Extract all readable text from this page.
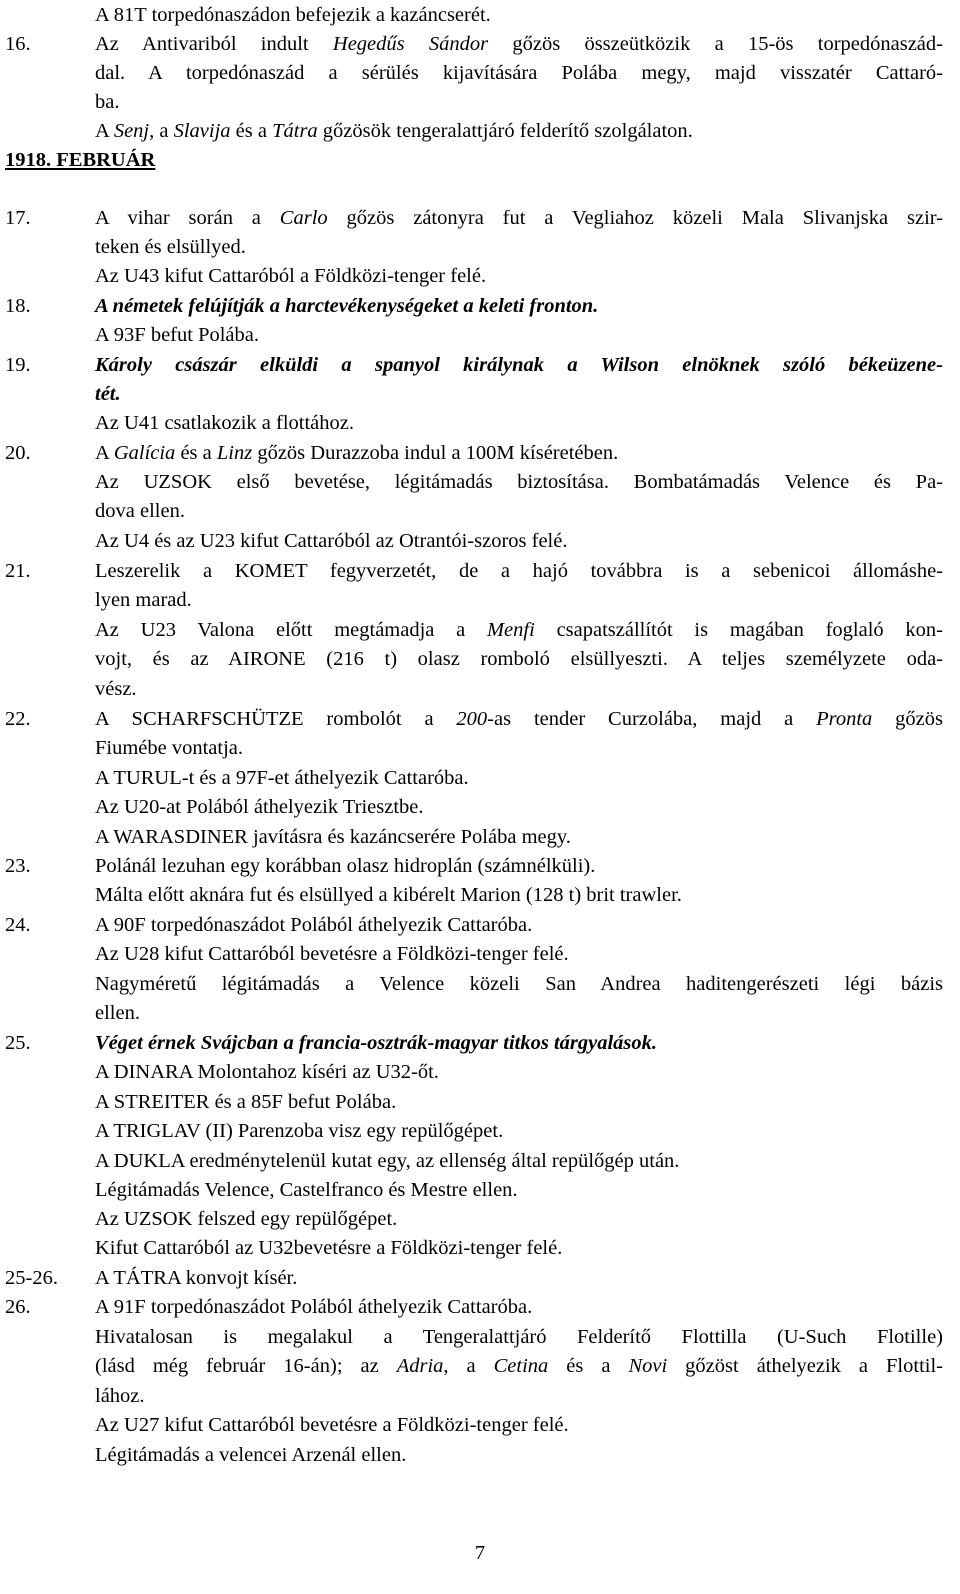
A 81T torpedónaszádon befejezik a kazáncserét.
16.	Az Antivariból indult Hegedűs Sándor gőzös összeütközik a 15-ös torpedónaszád-
dal. A torpedónaszád a sérülés kijavítására Polába megy, majd visszatér Cattaró-
ba.
A Senj, a Slavija és a Tátra gőzösök tengeralattjáró felderítő szolgálaton.
1918. FEBRUÁR
17.	A vihar során a Carlo gőzös zátonyra fut a Vegliahoz közeli Mala Slivanjska szir-
teken és elsüllyed.
Az U43 kifut Cattaróból a Földközi-tenger felé.
18.	A németek felújítják a harctevékenységeket a keleti fronton.
A 93F befut Polába.
19.	Károly császár elküldi a spanyol királynak a Wilson elnöknek szóló békeüzene-
tét.
Az U41 csatlakozik a flottához.
20.	A Galícia és a Linz gőzös Durazzoba indul a 100M kíséretében.
Az UZSOK első bevetése, légitámadás biztosítása. Bombatámadás Velence és Pa-
dova ellen.
Az U4 és az U23 kifut Cattaróból az Otrantói-szoros felé.
21.	Leszerelik a KOMET fegyverzetét, de a hajó továbbra is a sebenicoi állomáshe-
lyen marad.
Az U23 Valona előtt megtámadja a Menfi csapatszállítót is magában foglaló kon-
vojt, és az AIRONE (216 t) olasz romboló elsüllyeszti. A teljes személyzete oda-
vész.
22.	A SCHARFSCHÜTZE rombolót a 200-as tender Curzolába, majd a Pronta gőzös
Fiumébe vontatja.
A TURUL-t és a 97F-et áthelyezik Cattaróba.
Az U20-at Polából áthelyezik Triesztbe.
A WARASDINER javításra és kazáncserére Polába megy.
23.	Polánál lezuhan egy korábban olasz hidroplán (számnélküli).
Málta előtt aknára fut és elsüllyed a kibérelt Marion (128 t) brit trawler.
24.	A 90F torpedónaszádot Polából áthelyezik Cattaróba.
Az U28 kifut Cattaróból bevetésre a Földközi-tenger felé.
Nagyméretű légitámadás a Velence közeli San Andrea haditengerészeti légi bázis
ellen.
25.	Véget érnek Svájcban a francia-osztrák-magyar titkos tárgyalások.
A DINARA Molontahoz kíséri az U32-őt.
A STREITER és a 85F befut Polába.
A TRIGLAV (II) Parenzoba visz egy repülőgépet.
A DUKLA eredménytelenül kutat egy, az ellenség által repülőgép után.
Légitámadás Velence, Castelfranco és Mestre ellen.
Az UZSOK felszed egy repülőgépet.
Kifut Cattaróból az U32bevetésre a Földközi-tenger felé.
25-26.	A TÁTRA konvojt kísér.
26.	A 91F torpedónaszádot Polából áthelyezik Cattaróba.
Hivatalosan is megalakul a Tengeralattjáró Felderítő Flottilla (U-Such Flotille)
(lásd még február 16-án); az Adria, a Cetina és a Novi gőzöst áthelyezik a Flottil-
lához.
Az U27 kifut Cattaróból bevetésre a Földközi-tenger felé.
Légitámadás a velencei Arzenál ellen.
7
